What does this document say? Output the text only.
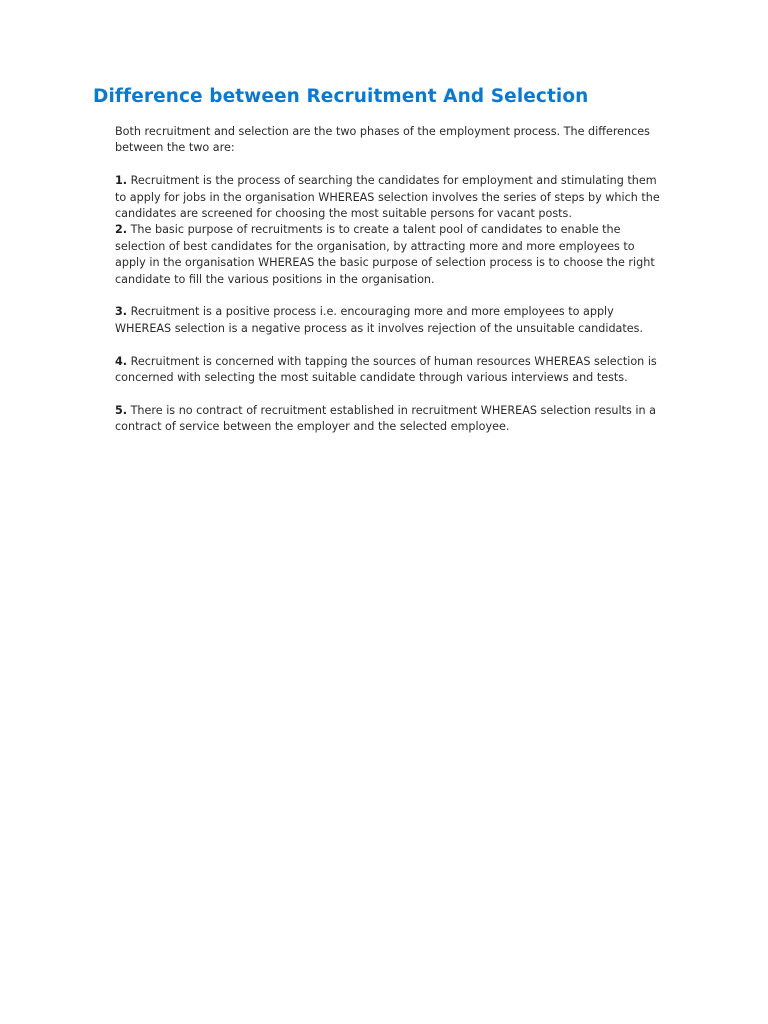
Difference between Recruitment And Selection

Both recruitment and selection are the two phases of the employment process. The differences between the two are:

1. Recruitment is the process of searching the candidates for employment and stimulating them to apply for jobs in the organisation WHEREAS selection involves the series of steps by which the candidates are screened for choosing the most suitable persons for vacant posts.

2. The basic purpose of recruitments is to create a talent pool of candidates to enable the selection of best candidates for the organisation, by attracting more and more employees to apply in the organisation WHEREAS the basic purpose of selection process is to choose the right candidate to fill the various positions in the organisation.

3. Recruitment is a positive process i.e. encouraging more and more employees to apply WHEREAS selection is a negative process as it involves rejection of the unsuitable candidates.

4. Recruitment is concerned with tapping the sources of human resources WHEREAS selection is concerned with selecting the most suitable candidate through various interviews and tests.

5. There is no contract of recruitment established in recruitment WHEREAS selection results in a contract of service between the employer and the selected employee.
